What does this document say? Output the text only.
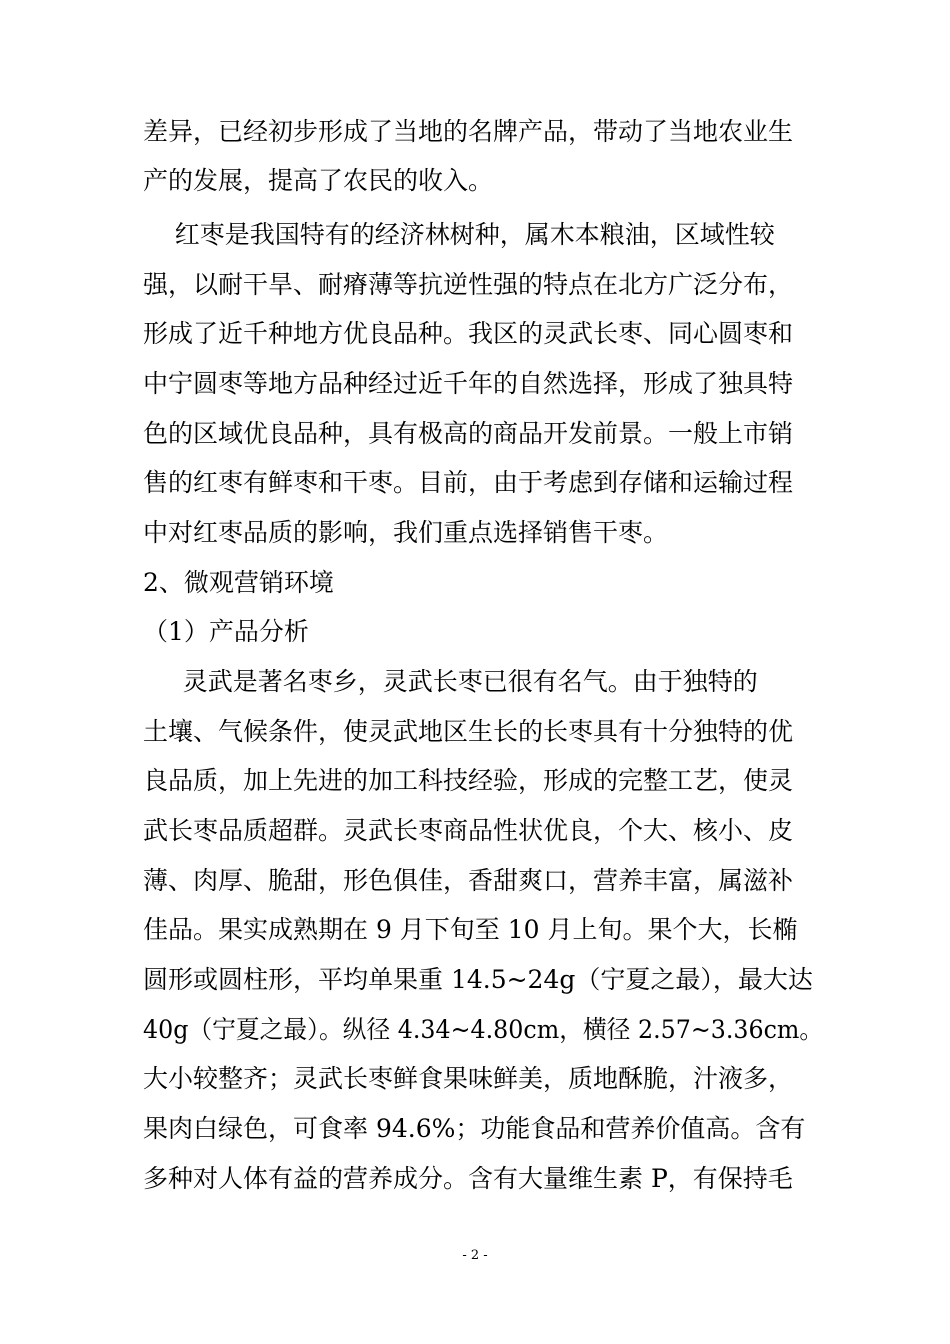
差异，已经初步形成了当地的名牌产品，带动了当地农业生
产的发展，提高了农民的收入。
红枣是我国特有的经济林树种，属木本粮油，区域性较
强，以耐干旱、耐瘠薄等抗逆性强的特点在北方广泛分布，
形成了近千种地方优良品种。我区的灵武长枣、同心圆枣和
中宁圆枣等地方品种经过近千年的自然选择，形成了独具特
色的区域优良品种，具有极高的商品开发前景。一般上市销
售的红枣有鲜枣和干枣。目前，由于考虑到存储和运输过程
中对红枣品质的影响，我们重点选择销售干枣。
2、微观营销环境
（1）产品分析
灵武是著名枣乡，灵武长枣已很有名气。由于独特的
土壤、气候条件，使灵武地区生长的长枣具有十分独特的优
良品质，加上先进的加工科技经验，形成的完整工艺，使灵
武长枣品质超群。灵武长枣商品性状优良，个大、核小、皮
薄、肉厚、脆甜，形色俱佳，香甜爽口，营养丰富，属滋补
佳品。果实成熟期在 9 月下旬至 10 月上旬。果个大，长椭
圆形或圆柱形，平均单果重 14.5~24g（宁夏之最），最大达
40g（宁夏之最）。纵径 4.34~4.80cm，横径 2.57~3.36cm。
大小较整齐；灵武长枣鲜食果味鲜美，质地酥脆，汁液多，
果肉白绿色，可食率 94.6%；功能食品和营养价值高。含有
多种对人体有益的营养成分。含有大量维生素 P，有保持毛
- 2 -
